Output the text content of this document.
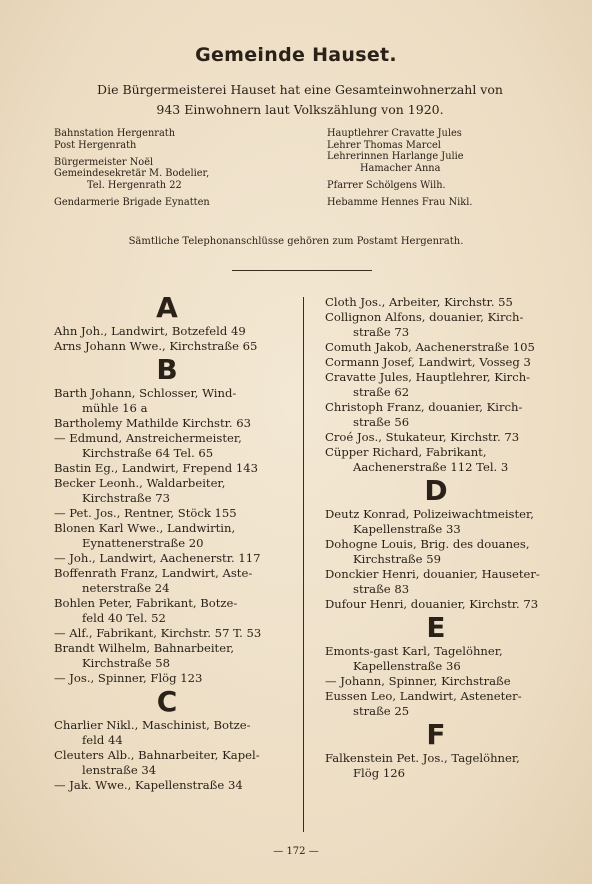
Gemeinde Hauset.
Die Bürgermeisterei Hauset hat eine Gesamteinwohnerzahl von
943 Einwohnern laut Volkszählung von 1920.
Bahnstation Hergenrath
Post Hergenrath
Bürgermeister Noël
Gemeindesekretär M. Bodelier,
Tel. Hergenrath 22
Gendarmerie Brigade Eynatten
Hauptlehrer Cravatte Jules
Lehrer Thomas Marcel
Lehrerinnen Harlange Julie
Hamacher Anna
Pfarrer Schölgens Wilh.
Hebamme Hennes Frau Nikl.
Sämtliche Telephonanschlüsse gehören zum Postamt Hergenrath.
A
Ahn Joh., Landwirt, Botzefeld 49
Arns Johann Wwe., Kirchstraße 65
B
Barth Johann, Schlosser, Wind-
mühle 16 a
Bartholemy Mathilde Kirchstr. 63
— Edmund, Anstreichermeister,
Kirchstraße 64 Tel. 65
Bastin Eg., Landwirt, Frepend 143
Becker Leonh., Waldarbeiter,
Kirchstraße 73
— Pet. Jos., Rentner, Stöck 155
Blonen Karl Wwe., Landwirtin,
Eynattenerstraße 20
— Joh., Landwirt, Aachenerstr. 117
Boffenrath Franz, Landwirt, Aste-
neterstraße 24
Bohlen Peter, Fabrikant, Botze-
feld 40 Tel. 52
— Alf., Fabrikant, Kirchstr. 57 T. 53
Brandt Wilhelm, Bahnarbeiter,
Kirchstraße 58
— Jos., Spinner, Flög 123
C
Charlier Nikl., Maschinist, Botze-
feld 44
Cleuters Alb., Bahnarbeiter, Kapel-
lenstraße 34
— Jak. Wwe., Kapellenstraße 34
Cloth Jos., Arbeiter, Kirchstr. 55
Collignon Alfons, douanier, Kirch-
straße 73
Comuth Jakob, Aachenerstraße 105
Cormann Josef, Landwirt, Vosseg 3
Cravatte Jules, Hauptlehrer, Kirch-
straße 62
Christoph Franz, douanier, Kirch-
straße 56
Croé Jos., Stukateur, Kirchstr. 73
Cüpper Richard, Fabrikant,
Aachenerstraße 112 Tel. 3
D
Deutz Konrad, Polizeiwachtmeister,
Kapellenstraße 33
Dohogne Louis, Brig. des douanes,
Kirchstraße 59
Donckier Henri, douanier, Hauseter-
straße 83
Dufour Henri, douanier, Kirchstr. 73
E
Emonts-gast Karl, Tagelöhner,
Kapellenstraße 36
— Johann, Spinner, Kirchstraße
Eussen Leo, Landwirt, Asteneter-
straße 25
F
Falkenstein Pet. Jos., Tagelöhner,
Flög 126
— 172 —
